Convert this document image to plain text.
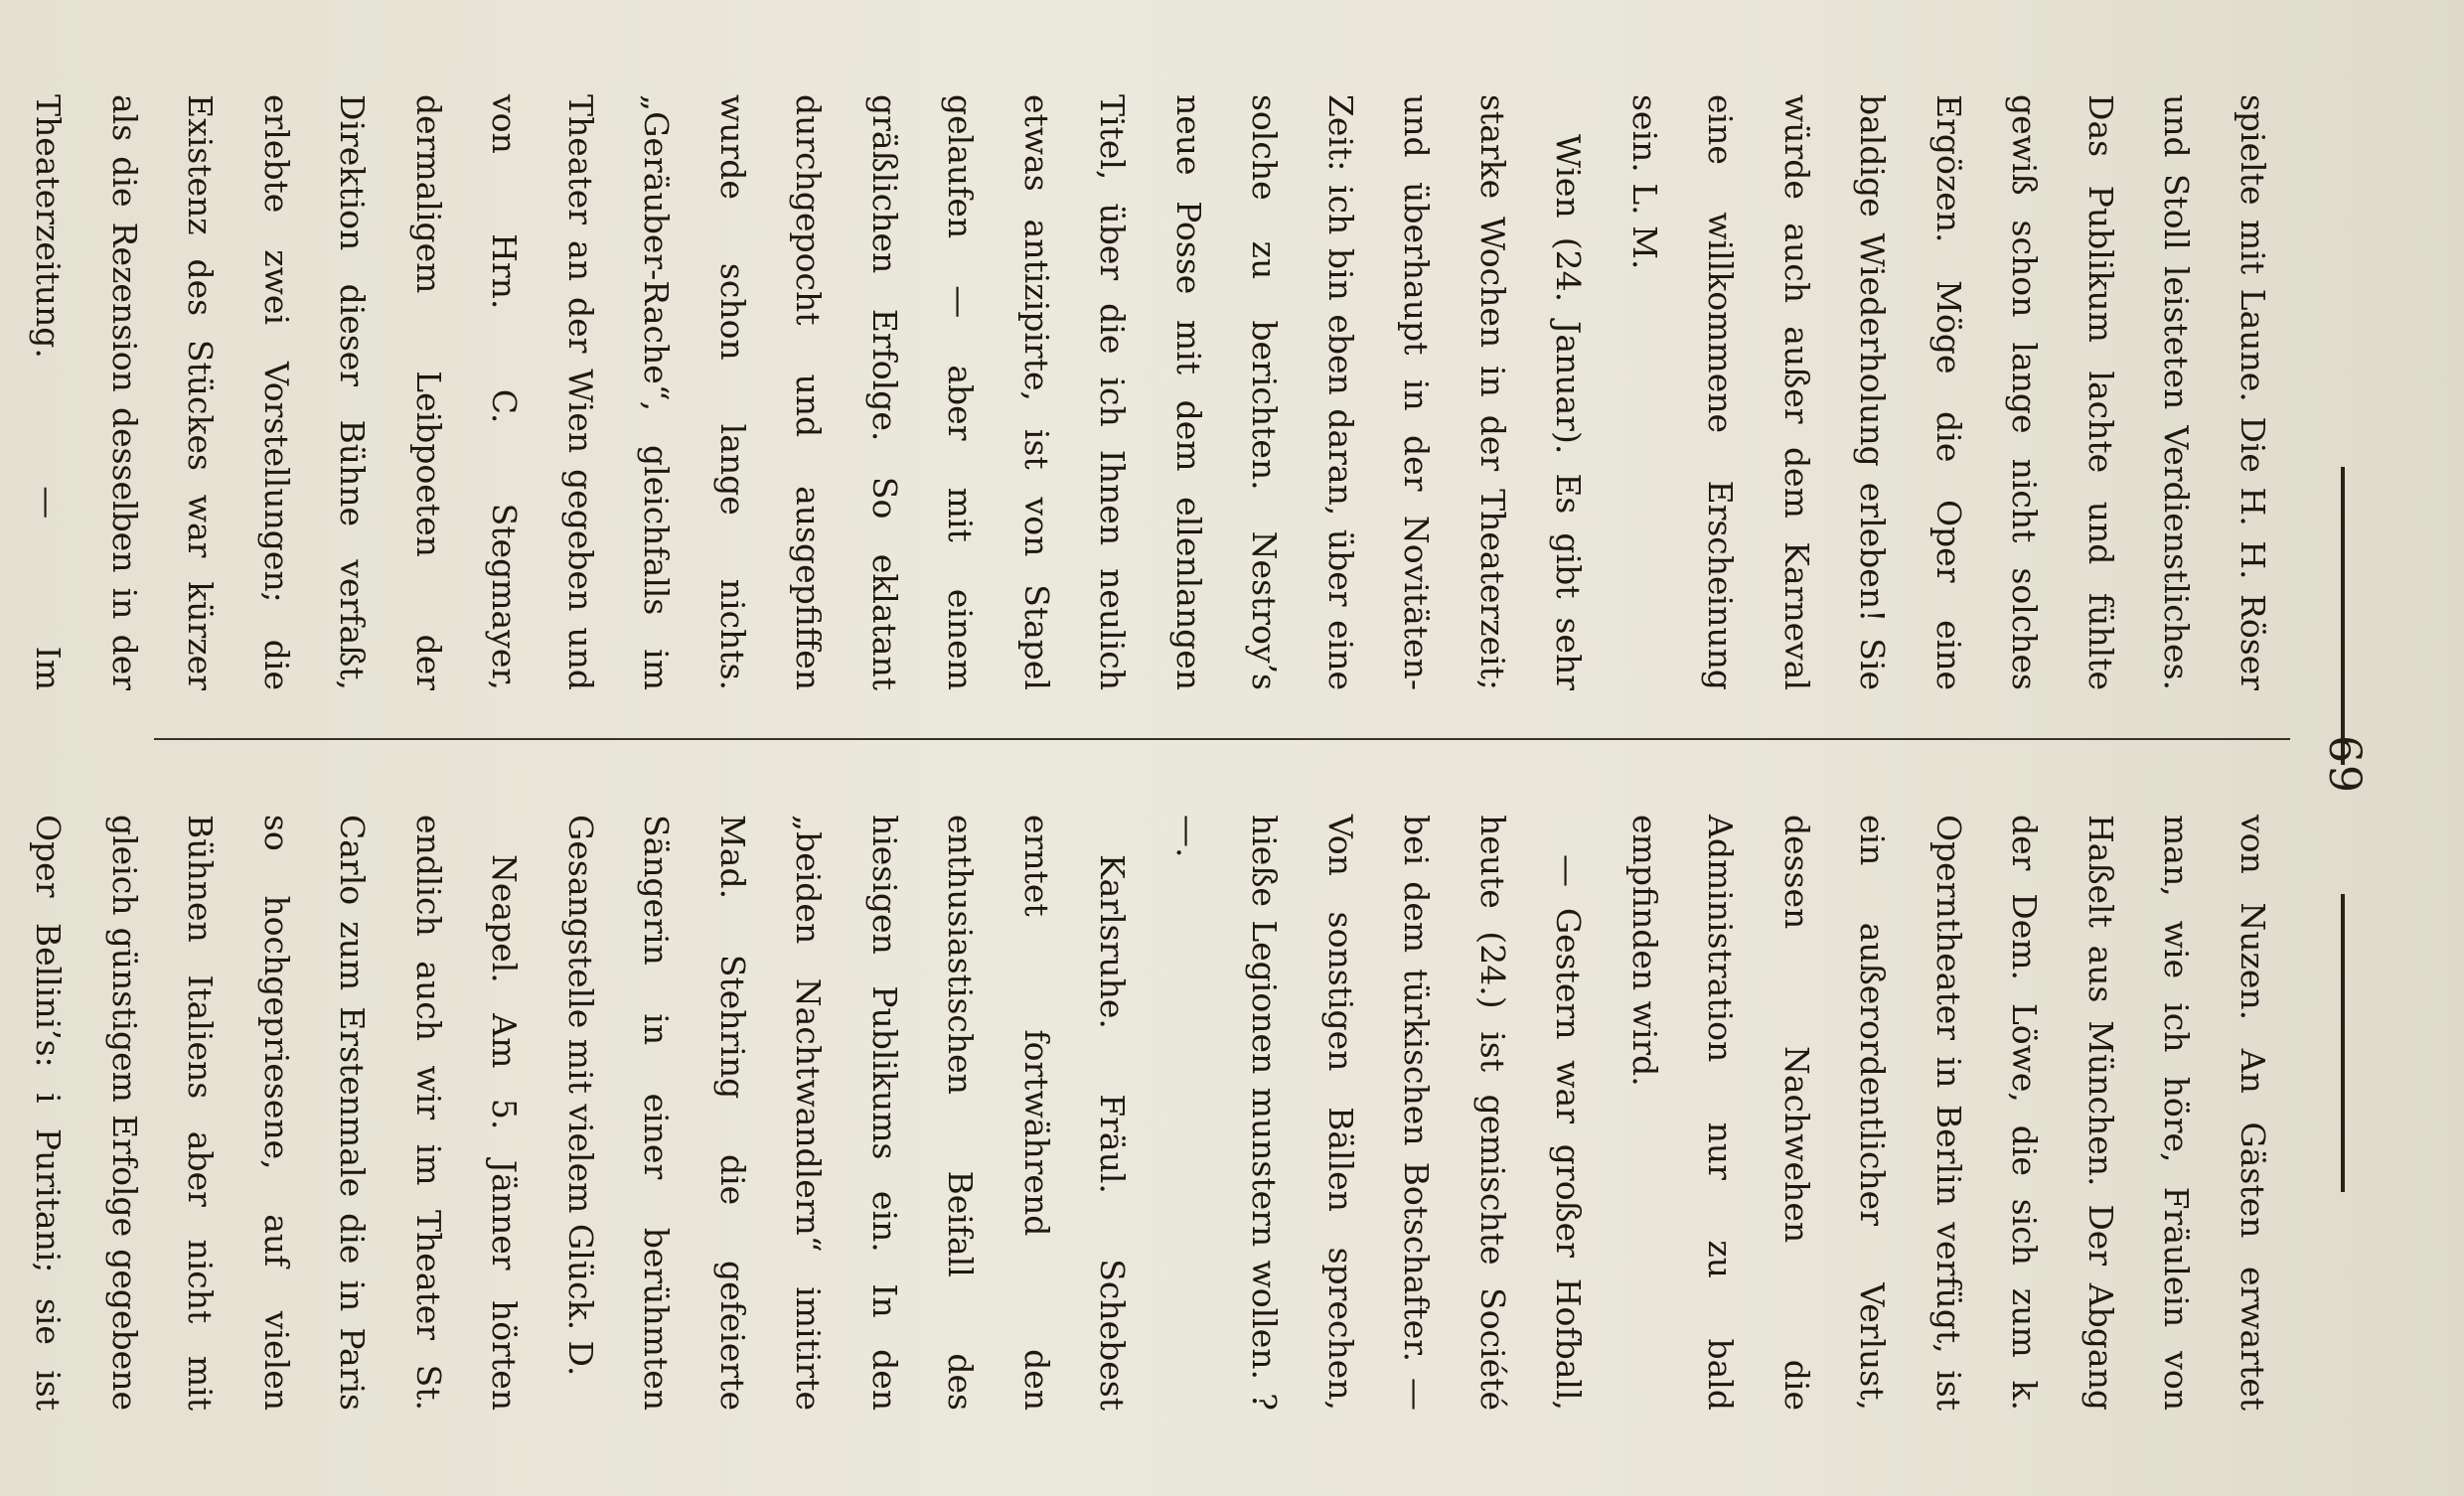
69

spielte mit Laune. Die H. H. Röser und Stoll leisteten Verdienstliches. Das Publikum lachte und fühlte gewiß schon lange nicht solches Ergözen. Möge die Oper eine baldige Wiederholung erleben! Sie würde auch außer dem Karneval eine willkommene Erscheinung sein. L. M.

Wien (24. Januar). Es gibt sehr starke Wochen in der Theaterzeit; und überhaupt in der Novitäten-Zeit: ich bin eben daran, über eine solche zu berichten. Nestroy’s neue Posse mit dem ellenlangen Titel, über die ich Ihnen neulich etwas antizipirte, ist von Stapel gelaufen — aber mit einem gräßlichen Erfolge. So eklatant durchgepocht und ausgepfiffen wurde schon lange nichts. „Geräuber-Rache“, gleichfalls im Theater an der Wien gegeben und von Hrn. C. Stegmayer, dermaligem Leibpoeten der Direktion dieser Bühne verfaßt, erlebte zwei Vorstellungen; die Existenz des Stückes war kürzer als die Rezension desselben in der Theaterzeitung. — Im

von Nuzen. An Gästen erwartet man, wie ich höre, Fräulein von Haßelt aus München. Der Abgang der Dem. Löwe, die sich zum k. Operntheater in Berlin verfügt, ist ein außerordentlicher Verlust, dessen Nachwehen die Administration nur zu bald empfinden wird.

— Gestern war großer Hofball, heute (24.) ist gemischte Société bei dem türkischen Botschafter. — Von sonstigen Bällen sprechen, hieße Legionen munstern wollen. ? —.

Karlsruhe. Fräul. Schebest erntet fortwährend den enthusiastischen Beifall des hiesigen Publikums ein. In den „beiden Nachtwandlern“ imitirte Mad. Stehring die gefeierte Sängerin in einer berühmten Gesangstelle mit vielem Glück. D.

Neapel. Am 5. Jänner hörten endlich auch wir im Theater St. Carlo zum Erstenmale die in Paris so hochgepriesene, auf vielen Bühnen Italiens aber nicht mit gleich günstigem Erfolge gegebene Oper Bellini’s: i Puritani; sie ist
